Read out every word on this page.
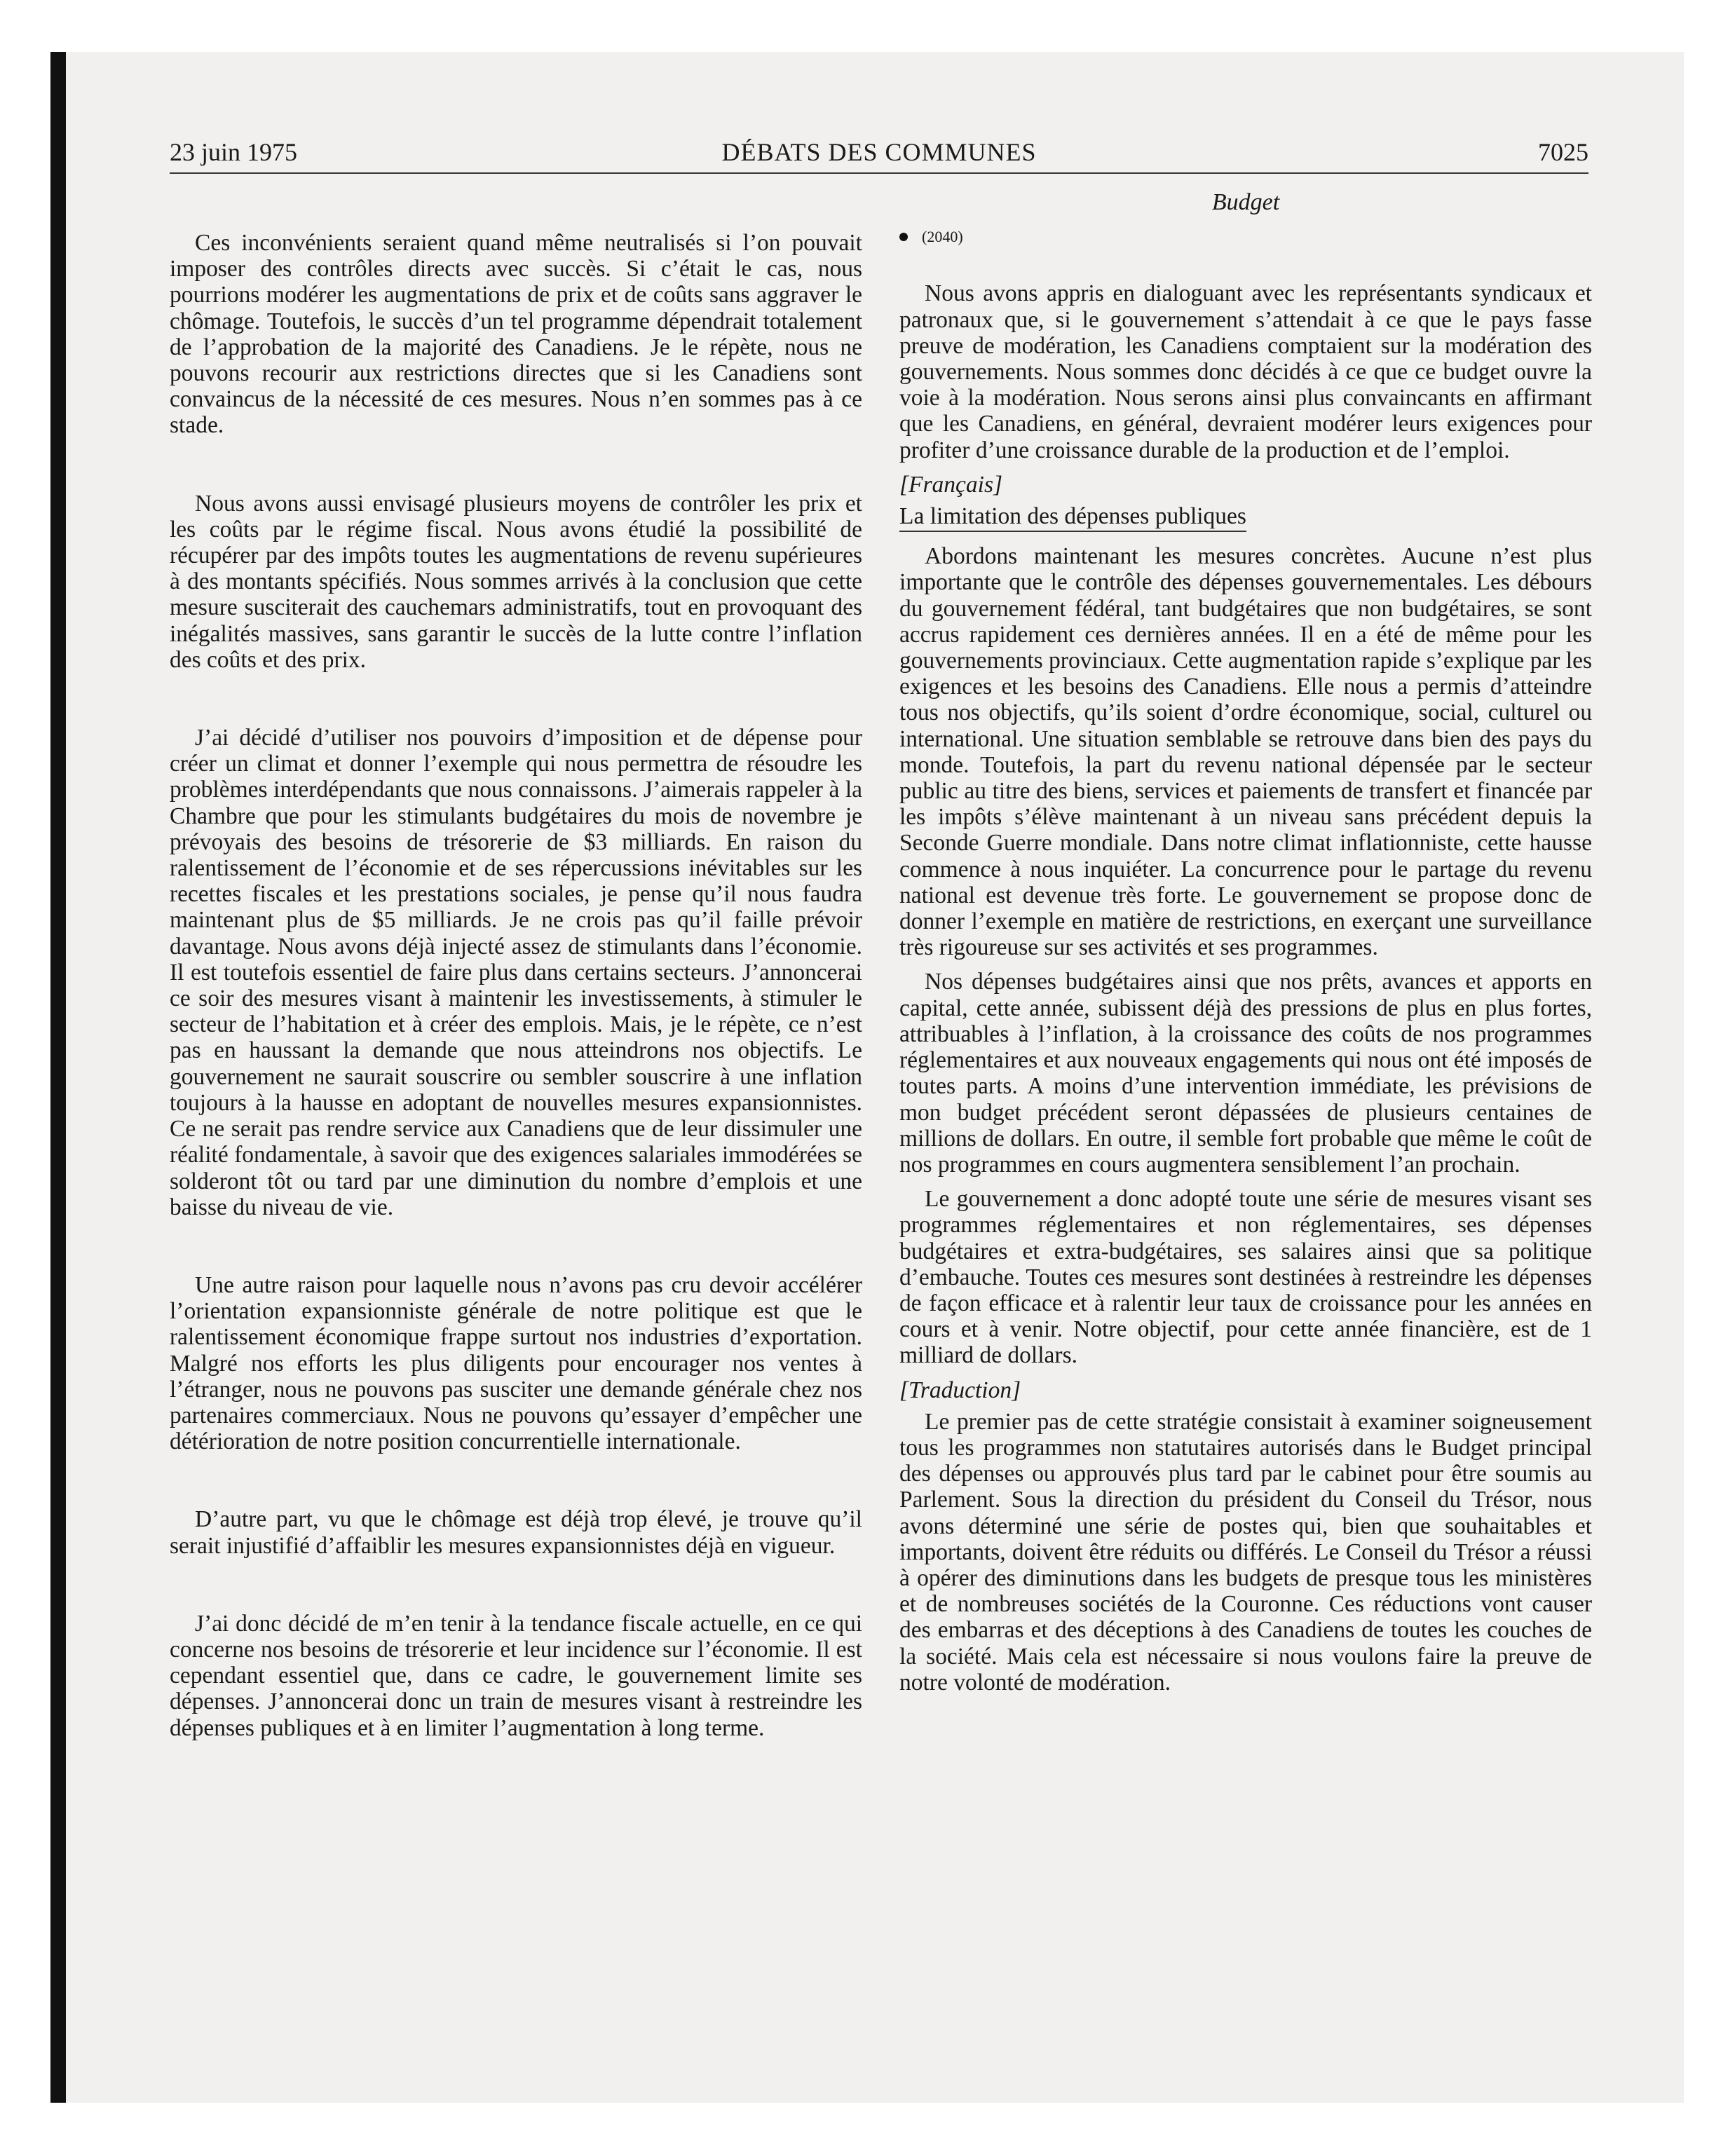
23 juin 1975	DÉBATS DES COMMUNES	7025

Ces inconvénients seraient quand même neutralisés si l’on pouvait imposer des contrôles directs avec succès. Si c’était le cas, nous pourrions modérer les augmentations de prix et de coûts sans aggraver le chômage. Toutefois, le succès d’un tel programme dépendrait totalement de l’approbation de la majorité des Canadiens. Je le répète, nous ne pouvons recourir aux restrictions directes que si les Canadiens sont convaincus de la nécessité de ces mesures. Nous n’en sommes pas à ce stade.

Nous avons aussi envisagé plusieurs moyens de contrôler les prix et les coûts par le régime fiscal. Nous avons étudié la possibilité de récupérer par des impôts toutes les augmentations de revenu supérieures à des montants spécifiés. Nous sommes arrivés à la conclusion que cette mesure susciterait des cauchemars administratifs, tout en provoquant des inégalités massives, sans garantir le succès de la lutte contre l’inflation des coûts et des prix.

J’ai décidé d’utiliser nos pouvoirs d’imposition et de dépense pour créer un climat et donner l’exemple qui nous permettra de résoudre les problèmes interdépendants que nous connaissons. J’aimerais rappeler à la Chambre que pour les stimulants budgétaires du mois de novembre je prévoyais des besoins de trésorerie de $3 milliards. En raison du ralentissement de l’économie et de ses répercussions inévitables sur les recettes fiscales et les prestations sociales, je pense qu’il nous faudra maintenant plus de $5 milliards. Je ne crois pas qu’il faille prévoir davantage. Nous avons déjà injecté assez de stimulants dans l’économie. Il est toutefois essentiel de faire plus dans certains secteurs. J’annoncerai ce soir des mesures visant à maintenir les investissements, à stimuler le secteur de l’habitation et à créer des emplois. Mais, je le répète, ce n’est pas en haussant la demande que nous atteindrons nos objectifs. Le gouvernement ne saurait souscrire ou sembler souscrire à une inflation toujours à la hausse en adoptant de nouvelles mesures expansionnistes. Ce ne serait pas rendre service aux Canadiens que de leur dissimuler une réalité fondamentale, à savoir que des exigences salariales immodérées se solderont tôt ou tard par une diminution du nombre d’emplois et une baisse du niveau de vie.

Une autre raison pour laquelle nous n’avons pas cru devoir accélérer l’orientation expansionniste générale de notre politique est que le ralentissement économique frappe surtout nos industries d’exportation. Malgré nos efforts les plus diligents pour encourager nos ventes à l’étranger, nous ne pouvons pas susciter une demande générale chez nos partenaires commerciaux. Nous ne pouvons qu’essayer d’empêcher une détérioration de notre position concurrentielle internationale.

D’autre part, vu que le chômage est déjà trop élevé, je trouve qu’il serait injustifié d’affaiblir les mesures expansionnistes déjà en vigueur.

J’ai donc décidé de m’en tenir à la tendance fiscale actuelle, en ce qui concerne nos besoins de trésorerie et leur incidence sur l’économie. Il est cependant essentiel que, dans ce cadre, le gouvernement limite ses dépenses. J’annoncerai donc un train de mesures visant à restreindre les dépenses publiques et à en limiter l’augmentation à long terme.

Budget

(2040)

Nous avons appris en dialoguant avec les représentants syndicaux et patronaux que, si le gouvernement s’attendait à ce que le pays fasse preuve de modération, les Canadiens comptaient sur la modération des gouvernements. Nous sommes donc décidés à ce que ce budget ouvre la voie à la modération. Nous serons ainsi plus convaincants en affirmant que les Canadiens, en général, devraient modérer leurs exigences pour profiter d’une croissance durable de la production et de l’emploi.

[Français]
La limitation des dépenses publiques

Abordons maintenant les mesures concrètes. Aucune n’est plus importante que le contrôle des dépenses gouvernementales. Les débours du gouvernement fédéral, tant budgétaires que non budgétaires, se sont accrus rapidement ces dernières années. Il en a été de même pour les gouvernements provinciaux. Cette augmentation rapide s’explique par les exigences et les besoins des Canadiens. Elle nous a permis d’atteindre tous nos objectifs, qu’ils soient d’ordre économique, social, culturel ou international. Une situation semblable se retrouve dans bien des pays du monde. Toutefois, la part du revenu national dépensée par le secteur public au titre des biens, services et paiements de transfert et financée par les impôts s’élève maintenant à un niveau sans précédent depuis la Seconde Guerre mondiale. Dans notre climat inflationniste, cette hausse commence à nous inquiéter. La concurrence pour le partage du revenu national est devenue très forte. Le gouvernement se propose donc de donner l’exemple en matière de restrictions, en exerçant une surveillance très rigoureuse sur ses activités et ses programmes.

Nos dépenses budgétaires ainsi que nos prêts, avances et apports en capital, cette année, subissent déjà des pressions de plus en plus fortes, attribuables à l’inflation, à la croissance des coûts de nos programmes réglementaires et aux nouveaux engagements qui nous ont été imposés de toutes parts. A moins d’une intervention immédiate, les prévisions de mon budget précédent seront dépassées de plusieurs centaines de millions de dollars. En outre, il semble fort probable que même le coût de nos programmes en cours augmentera sensiblement l’an prochain.

Le gouvernement a donc adopté toute une série de mesures visant ses programmes réglementaires et non réglementaires, ses dépenses budgétaires et extra-budgétaires, ses salaires ainsi que sa politique d’embauche. Toutes ces mesures sont destinées à restreindre les dépenses de façon efficace et à ralentir leur taux de croissance pour les années en cours et à venir. Notre objectif, pour cette année financière, est de 1 milliard de dollars.

[Traduction]

Le premier pas de cette stratégie consistait à examiner soigneusement tous les programmes non statutaires autorisés dans le Budget principal des dépenses ou approuvés plus tard par le cabinet pour être soumis au Parlement. Sous la direction du président du Conseil du Trésor, nous avons déterminé une série de postes qui, bien que souhaitables et importants, doivent être réduits ou différés. Le Conseil du Trésor a réussi à opérer des diminutions dans les budgets de presque tous les ministères et de nombreuses sociétés de la Couronne. Ces réductions vont causer des embarras et des déceptions à des Canadiens de toutes les couches de la société. Mais cela est nécessaire si nous voulons faire la preuve de notre volonté de modération.
